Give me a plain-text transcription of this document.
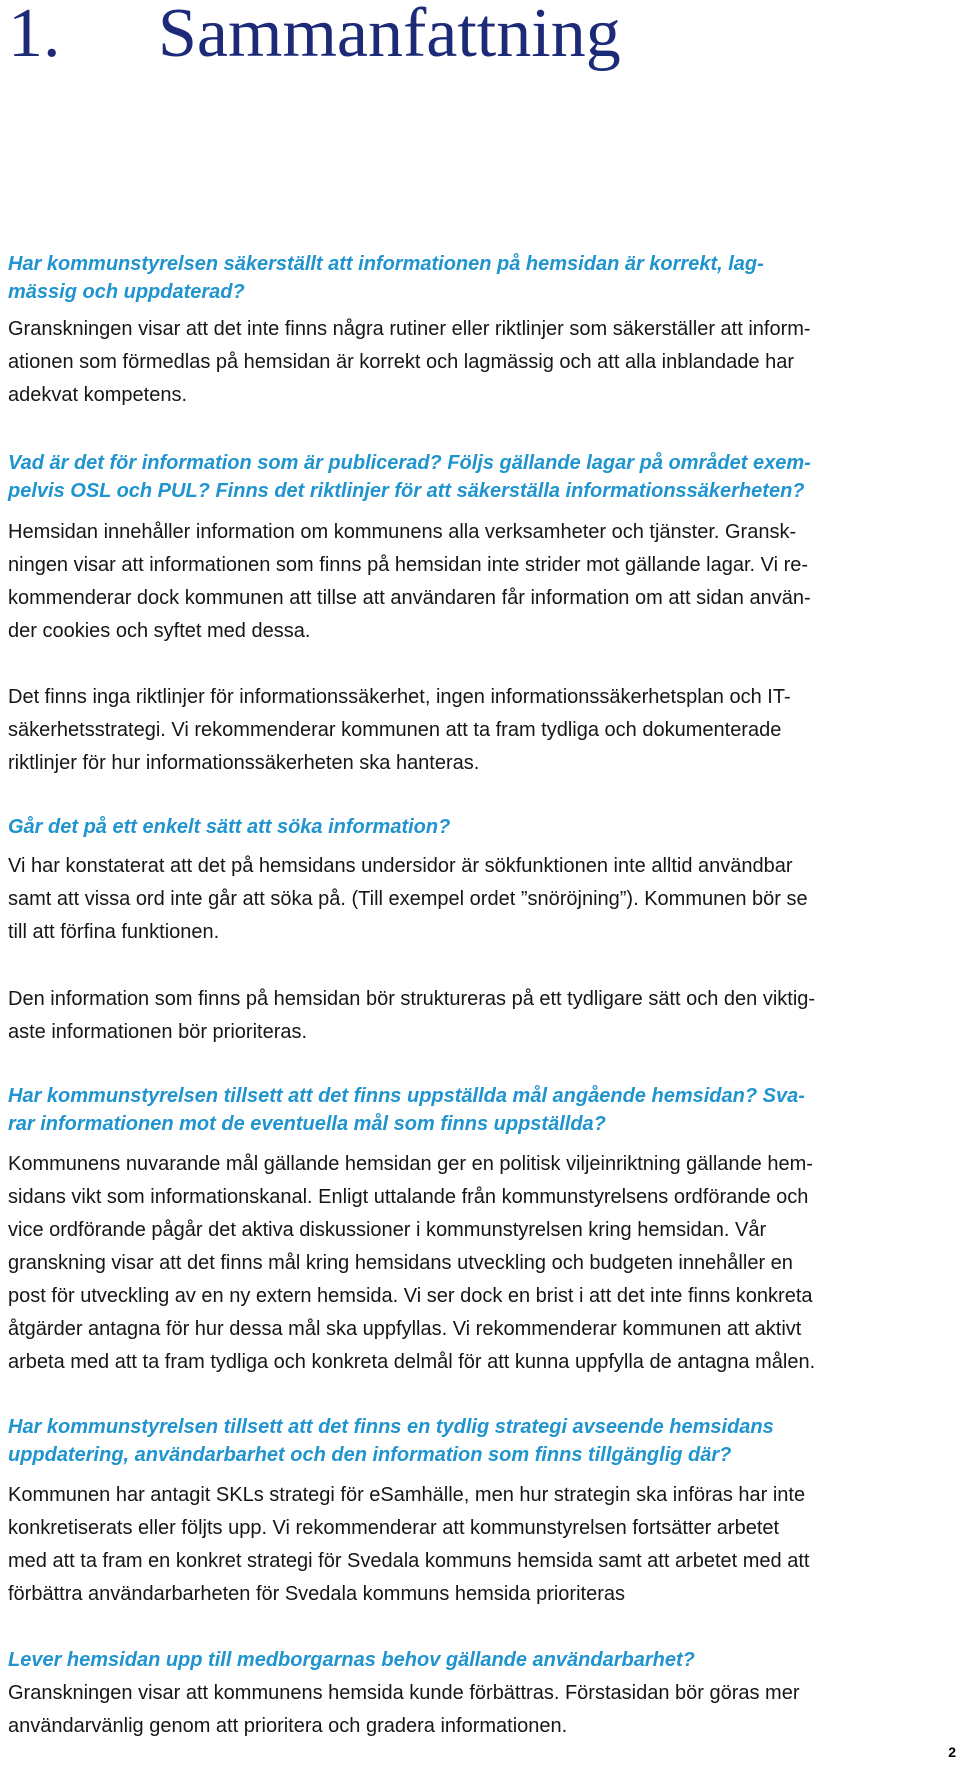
1. Sammanfattning

Har kommunstyrelsen säkerställt att informationen på hemsidan är korrekt, lag-
mässig och uppdaterad?

Granskningen visar att det inte finns några rutiner eller riktlinjer som säkerställer att inform-
ationen som förmedlas på hemsidan är korrekt och lagmässig och att alla inblandade har
adekvat kompetens.

Vad är det för information som är publicerad? Följs gällande lagar på området exem-
pelvis OSL och PUL? Finns det riktlinjer för att säkerställa informationssäkerheten?

Hemsidan innehåller information om kommunens alla verksamheter och tjänster. Gransk-
ningen visar att informationen som finns på hemsidan inte strider mot gällande lagar. Vi re-
kommenderar dock kommunen att tillse att användaren får information om att sidan använ-
der cookies och syftet med dessa.

Det finns inga riktlinjer för informationssäkerhet, ingen informationssäkerhetsplan och IT-
säkerhetsstrategi. Vi rekommenderar kommunen att ta fram tydliga och dokumenterade
riktlinjer för hur informationssäkerheten ska hanteras.

Går det på ett enkelt sätt att söka information?

Vi har konstaterat att det på hemsidans undersidor är sökfunktionen inte alltid användbar
samt att vissa ord inte går att söka på. (Till exempel ordet ”snöröjning”). Kommunen bör se
till att förfina funktionen.

Den information som finns på hemsidan bör struktureras på ett tydligare sätt och den viktig-
aste informationen bör prioriteras.

Har kommunstyrelsen tillsett att det finns uppställda mål angående hemsidan? Sva-
rar informationen mot de eventuella mål som finns uppställda?

Kommunens nuvarande mål gällande hemsidan ger en politisk viljeinriktning gällande hem-
sidans vikt som informationskanal. Enligt uttalande från kommunstyrelsens ordförande och
vice ordförande pågår det aktiva diskussioner i kommunstyrelsen kring hemsidan. Vår
granskning visar att det finns mål kring hemsidans utveckling och budgeten innehåller en
post för utveckling av en ny extern hemsida. Vi ser dock en brist i att det inte finns konkreta
åtgärder antagna för hur dessa mål ska uppfyllas. Vi rekommenderar kommunen att aktivt
arbeta med att ta fram tydliga och konkreta delmål för att kunna uppfylla de antagna målen.

Har kommunstyrelsen tillsett att det finns en tydlig strategi avseende hemsidans
uppdatering, användarbarhet och den information som finns tillgänglig där?

Kommunen har antagit SKLs strategi för eSamhälle, men hur strategin ska införas har inte
konkretiserats eller följts upp. Vi rekommenderar att kommunstyrelsen fortsätter arbetet
med att ta fram en konkret strategi för Svedala kommuns hemsida samt att arbetet med att
förbättra användarbarheten för Svedala kommuns hemsida prioriteras

Lever hemsidan upp till medborgarnas behov gällande användarbarhet?

Granskningen visar att kommunens hemsida kunde förbättras. Förstasidan bör göras mer
användarvänlig genom att prioritera och gradera informationen.

2
